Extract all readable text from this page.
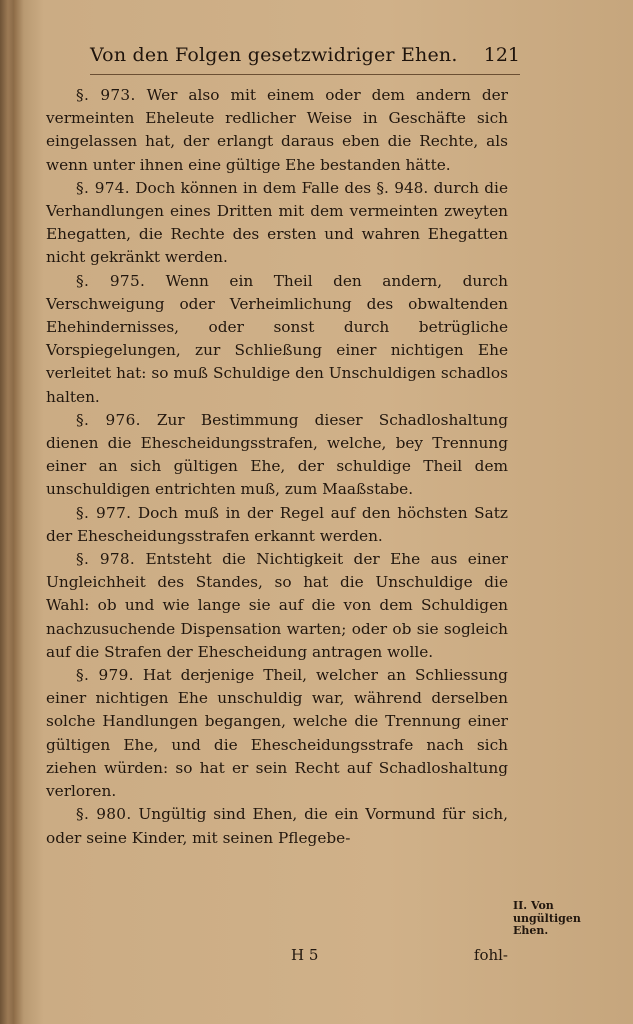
Von den Folgen gesetzwidriger Ehen. 121

§. 973. Wer also mit einem oder dem andern der vermeinten Eheleute redlicher Weise in Geschäfte sich eingelassen hat, der erlangt daraus eben die Rechte, als wenn unter ihnen eine gültige Ehe bestanden hätte.

§. 974. Doch können in dem Falle des §. 948. durch die Verhandlungen eines Dritten mit dem vermeinten zweyten Ehegatten, die Rechte des ersten und wahren Ehegatten nicht gekränkt werden.

§. 975. Wenn ein Theil den andern, durch Verschweigung oder Verheimlichung des obwaltenden Ehehindernisses, oder sonst durch betrügliche Vorspiegelungen, zur Schließung einer nichtigen Ehe verleitet hat: so muß Schuldige den Unschuldigen schadlos halten.

§. 976. Zur Bestimmung dieser Schadloshaltung dienen die Ehescheidungsstrafen, welche, bey Trennung einer an sich gültigen Ehe, der schuldige Theil dem unschuldigen entrichten muß, zum Maaßstabe.

§. 977. Doch muß in der Regel auf den höchsten Satz der Ehescheidungsstrafen erkannt werden.

§. 978. Entsteht die Nichtigkeit der Ehe aus einer Ungleichheit des Standes, so hat die Unschuldige die Wahl: ob und wie lange sie auf die von dem Schuldigen nachzusuchende Dispensation warten; oder ob sie sogleich auf die Strafen der Ehescheidung antragen wolle.

§. 979. Hat derjenige Theil, welcher an Schliessung einer nichtigen Ehe unschuldig war, während derselben solche Handlungen begangen, welche die Trennung einer gültigen Ehe, und die Ehescheidungsstrafe nach sich ziehen würden: so hat er sein Recht auf Schadloshaltung verloren.

§. 980. Ungültig sind Ehen, die ein Vormund für sich, oder seine Kinder, mit seinen Pflegebe-

II. Von ungültigen Ehen.
H 5	fohl-
